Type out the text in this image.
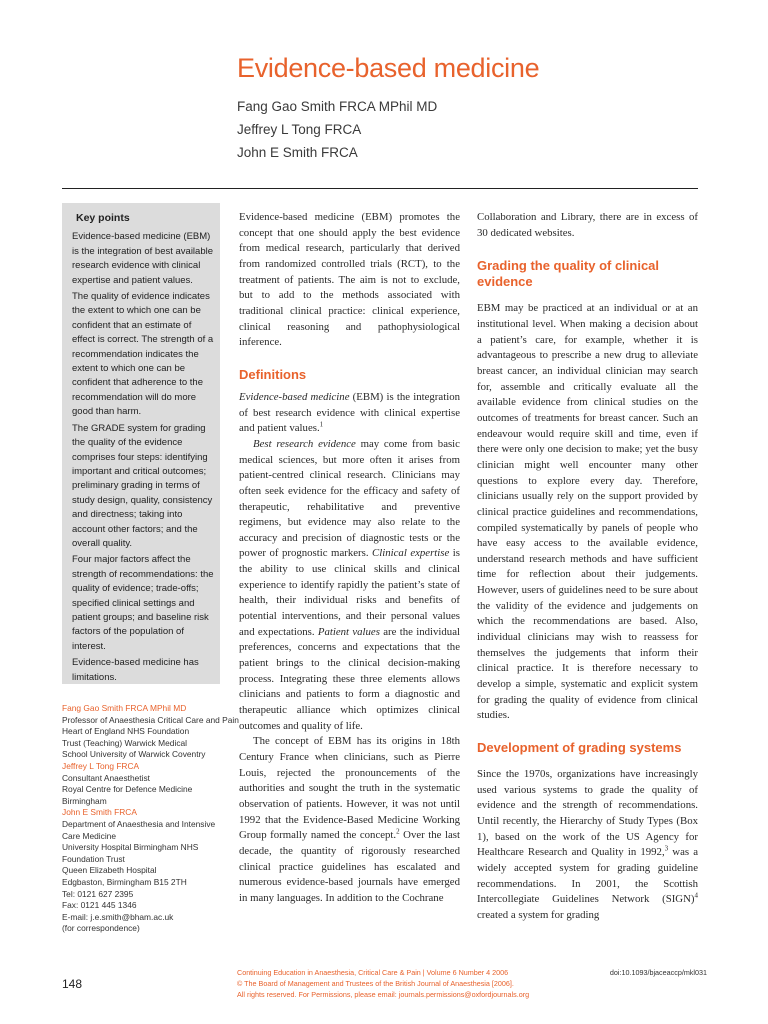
Evidence-based medicine
Fang Gao Smith FRCA MPhil MD
Jeffrey L Tong FRCA
John E Smith FRCA
Key points
Evidence-based medicine (EBM) is the integration of best available research evidence with clinical expertise and patient values.
The quality of evidence indicates the extent to which one can be confident that an estimate of effect is correct. The strength of a recommendation indicates the extent to which one can be confident that adherence to the recommendation will do more good than harm.
The GRADE system for grading the quality of the evidence comprises four steps: identifying important and critical outcomes; preliminary grading in terms of study design, quality, consistency and directness; taking into account other factors; and the overall quality.
Four major factors affect the strength of recommendations: the quality of evidence; trade-offs; specified clinical settings and patient groups; and baseline risk factors of the population of interest.
Evidence-based medicine has limitations.
Fang Gao Smith FRCA MPhil MD
Professor of Anaesthesia Critical Care and Pain
Heart of England NHS Foundation
Trust (Teaching) Warwick Medical
School University of Warwick Coventry
Jeffrey L Tong FRCA
Consultant Anaesthetist
Royal Centre for Defence Medicine
Birmingham
John E Smith FRCA
Department of Anaesthesia and Intensive
Care Medicine
University Hospital Birmingham NHS
Foundation Trust
Queen Elizabeth Hospital
Edgbaston, Birmingham B15 2TH
Tel: 0121 627 2395
Fax: 0121 445 1346
E-mail: j.e.smith@bham.ac.uk
(for correspondence)
148

Evidence-based medicine (EBM) promotes the concept that one should apply the best evidence from medical research, particularly that derived from randomized controlled trials (RCT), to the treatment of patients. The aim is not to exclude, but to add to the methods associated with traditional clinical practice: clinical experience, clinical reasoning and pathophysiological inference.

Definitions

Evidence-based medicine (EBM) is the integration of best research evidence with clinical expertise and patient values.$^1$

Best research evidence may come from basic medical sciences, but more often it arises from patient-centred clinical research. Clinicians may often seek evidence for the efficacy and safety of therapeutic, rehabilitative and preventive regimens, but evidence may also relate to the accuracy and precision of diagnostic tests or the power of prognostic markers. Clinical expertise is the ability to use clinical skills and clinical experience to identify rapidly the patient’s state of health, their individual risks and benefits of potential interventions, and their personal values and expectations. Patient values are the individual preferences, concerns and expectations that the patient brings to the clinical decision-making process. Integrating these three elements allows clinicians and patients to form a diagnostic and therapeutic alliance which optimizes clinical outcomes and quality of life.

The concept of EBM has its origins in 18th Century France when clinicians, such as Pierre Louis, rejected the pronouncements of the authorities and sought the truth in the systematic observation of patients. However, it was not until 1992 that the Evidence-Based Medicine Working Group formally named the concept.$^2$ Over the last decade, the quantity of rigorously researched clinical practice guidelines has escalated and numerous evidence-based journals have emerged in many languages. In addition to the Cochrane

Collaboration and Library, there are in excess of 30 dedicated websites.

Grading the quality of clinical evidence

EBM may be practiced at an individual or at an institutional level. When making a decision about a patient’s care, for example, whether it is advantageous to prescribe a new drug to alleviate breast cancer, an individual clinician may search for, assemble and critically evaluate all the available evidence from clinical studies on the outcomes of treatments for breast cancer. Such an endeavour would require skill and time, even if there were only one decision to make; yet the busy clinician might well encounter many other questions to explore every day. Therefore, clinicians usually rely on the support provided by clinical practice guidelines and recommendations, compiled systematically by panels of people who have easy access to the available evidence, understand research methods and have sufficient time for reflection about their judgements. However, users of guidelines need to be sure about the validity of the evidence and judgements on which the recommendations are based. Also, individual clinicians may wish to reassess for themselves the judgements that inform their clinical practice. It is therefore necessary to develop a simple, systematic and explicit system for grading the quality of evidence from clinical studies.

Development of grading systems

Since the 1970s, organizations have increasingly used various systems to grade the quality of evidence and the strength of recommendations. Until recently, the Hierarchy of Study Types (Box 1), based on the work of the US Agency for Healthcare Research and Quality in 1992,$^3$ was a widely accepted system for grading guideline recommendations. In 2001, the Scottish Intercollegiate Guidelines Network (SIGN)$^4$ created a system for grading

Continuing Education in Anaesthesia, Critical Care & Pain | Volume 6 Number 4 2006
© The Board of Management and Trustees of the British Journal of Anaesthesia [2006].
All rights reserved. For Permissions, please email: journals.permissions@oxfordjournals.org
doi:10.1093/bjaceaccp/mkl031
